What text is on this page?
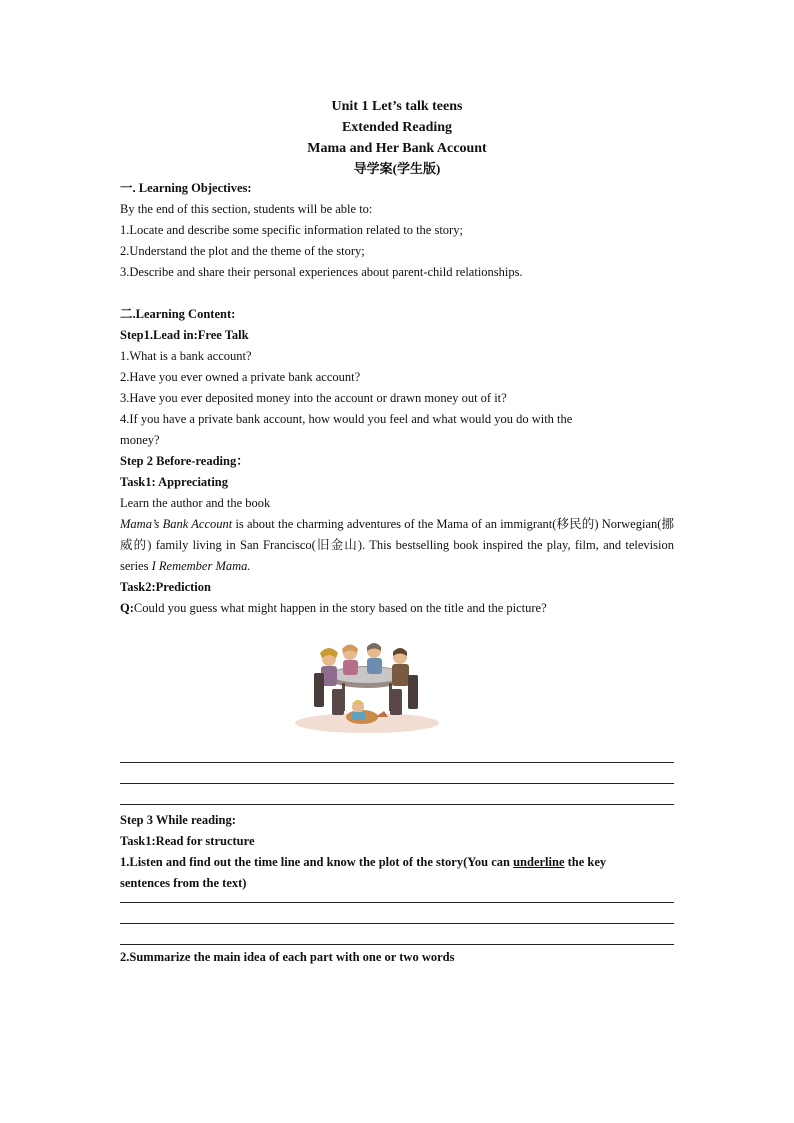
Unit 1 Let’s talk teens

Extended Reading

Mama and Her Bank Account

导学案(学生版)

一. Learning Objectives:

By the end of this section, students will be able to:

1.Locate and describe some specific information related to the story;

2.Understand the plot and the theme of the story;

3.Describe and share their personal experiences about parent-child relationships.

二.Learning Content:

Step1.Lead in:Free Talk

1.What is a bank account?

2.Have you ever owned a private bank account?

3.Have you ever deposited money into the account or drawn money out of it?

4.If you have a private bank account, how would you feel and what would you do with the

money?

Step 2 Before-reading：

Task1: Appreciating

Learn the author and the book

Mama’s Bank Account is about the charming adventures of the Mama of an immigrant(移民的) Norwegian(挪威的) family living in San Francisco(旧金山). This bestselling book inspired the play, film, and television series I Remember Mama.

Task2:Prediction

Q:Could you guess what might happen in the story based on the title and the picture?

Step 3 While reading:

Task1:Read for structure

1.Listen and find out the time line and know the plot of the story(You can underline the key

sentences from the text)

2.Summarize the main idea of each part with one or two words
